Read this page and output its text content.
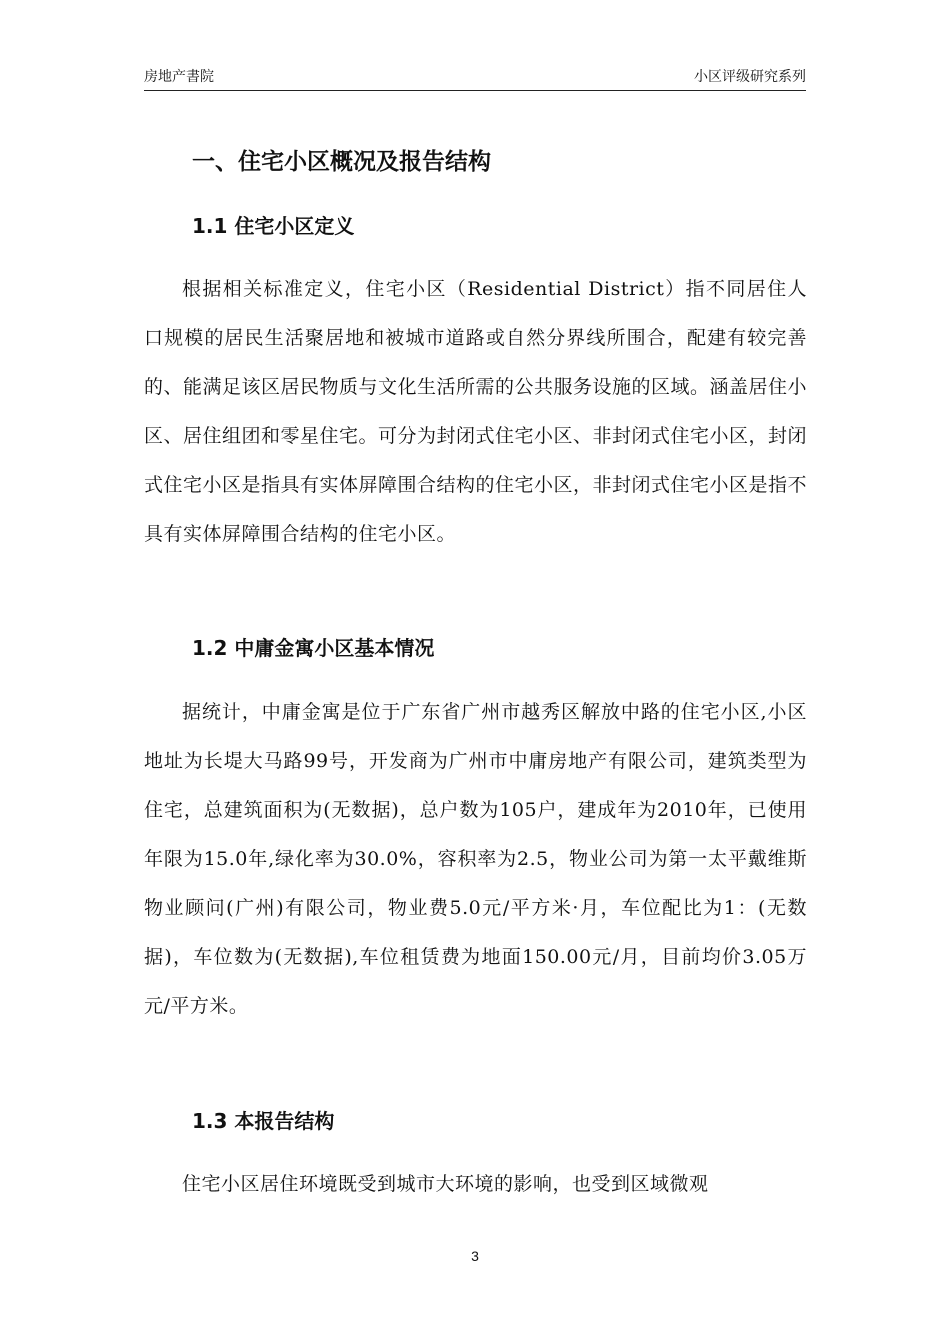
房地产書院	小区评级研究系列
一、住宅小区概况及报告结构
1.1 住宅小区定义
根据相关标准定义，住宅小区（Residential District）指不同居住人口规模的居民生活聚居地和被城市道路或自然分界线所围合，配建有较完善的、能满足该区居民物质与文化生活所需的公共服务设施的区域。涵盖居住小区、居住组团和零星住宅。可分为封闭式住宅小区、非封闭式住宅小区，封闭式住宅小区是指具有实体屏障围合结构的住宅小区，非封闭式住宅小区是指不具有实体屏障围合结构的住宅小区。
1.2 中庸金寓小区基本情况
据统计，中庸金寓是位于广东省广州市越秀区解放中路的住宅小区,小区地址为长堤大马路99号，开发商为广州市中庸房地产有限公司，建筑类型为住宅，总建筑面积为(无数据)，总户数为105户，建成年为2010年，已使用年限为15.0年,绿化率为30.0%，容积率为2.5，物业公司为第一太平戴维斯物业顾问(广州)有限公司，物业费5.0元/平方米·月，车位配比为1：(无数据)，车位数为(无数据),车位租赁费为地面150.00元/月，目前均价3.05万元/平方米。
1.3 本报告结构
住宅小区居住环境既受到城市大环境的影响，也受到区域微观
3
